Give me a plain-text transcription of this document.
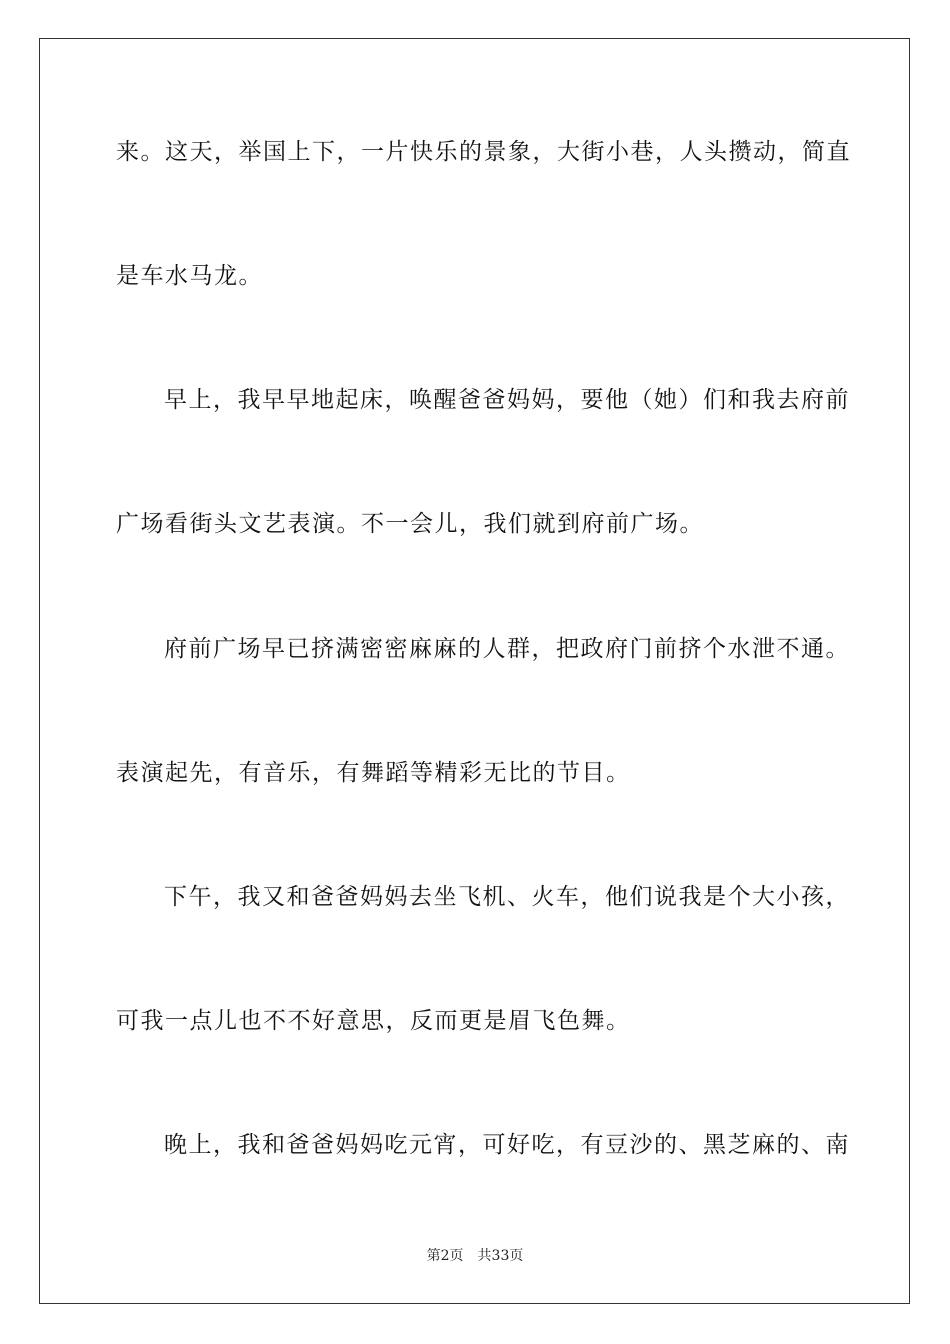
来。这天，举国上下，一片快乐的景象，大街小巷，人头攒动，简直
是车水马龙。
早上，我早早地起床，唤醒爸爸妈妈，要他（她）们和我去府前
广场看街头文艺表演。不一会儿，我们就到府前广场。
府前广场早已挤满密密麻麻的人群，把政府门前挤个水泄不通。
表演起先，有音乐，有舞蹈等精彩无比的节目。
下午，我又和爸爸妈妈去坐飞机、火车，他们说我是个大小孩，
可我一点儿也不不好意思，反而更是眉飞色舞。
晚上，我和爸爸妈妈吃元宵，可好吃，有豆沙的、黑芝麻的、南
第2页 共33页
